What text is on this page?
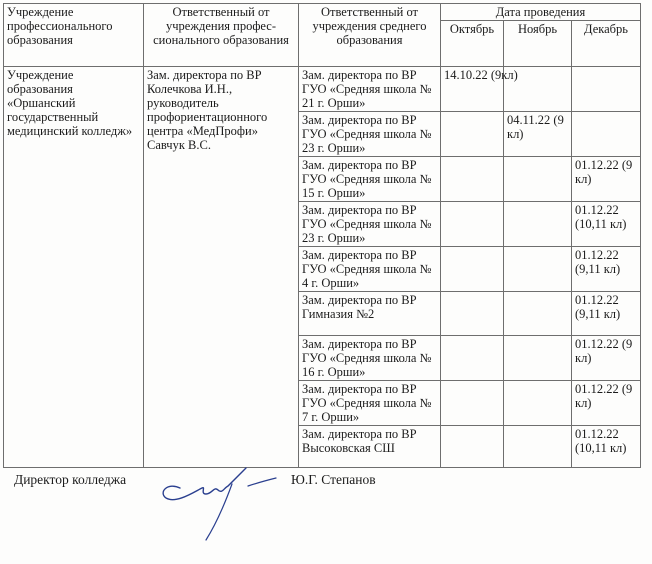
Учреждение профессионального образования	Ответственный от учреждения профес-сионального образования	Ответственный от учреждения среднего образования	Дата проведения		
			Октябрь	Ноябрь	Декабрь
Учреждение образования «Оршанский государственный медицинский колледж»	Зам. директора по ВР Колечкова И.Н., руководитель профориентационного центра «МедПрофи» Савчук В.С.	Зам. директора по ВР ГУО «Средняя школа № 21 г. Орши»	14.10.22 (9кл)		
		Зам. директора по ВР ГУО «Средняя школа № 23 г. Орши»		04.11.22 (9 кл)	
		Зам. директора по ВР ГУО «Средняя школа № 15 г. Орши»			01.12.22 (9 кл)
		Зам. директора по ВР ГУО «Средняя школа № 23 г. Орши»			01.12.22 (10,11 кл)
		Зам. директора по ВР ГУО «Средняя школа № 4 г. Орши»			01.12.22 (9,11 кл)
		Зам. директора по ВР Гимназия №2			01.12.22 (9,11 кл)
		Зам. директора по ВР ГУО «Средняя школа № 16 г. Орши»			01.12.22 (9 кл)
		Зам. директора по ВР ГУО «Средняя школа № 7 г. Орши»			01.12.22 (9 кл)
		Зам. директора по ВР Высоковская СШ			01.12.22 (10,11 кл)
Директор колледжа	Ю.Г. Степанов
